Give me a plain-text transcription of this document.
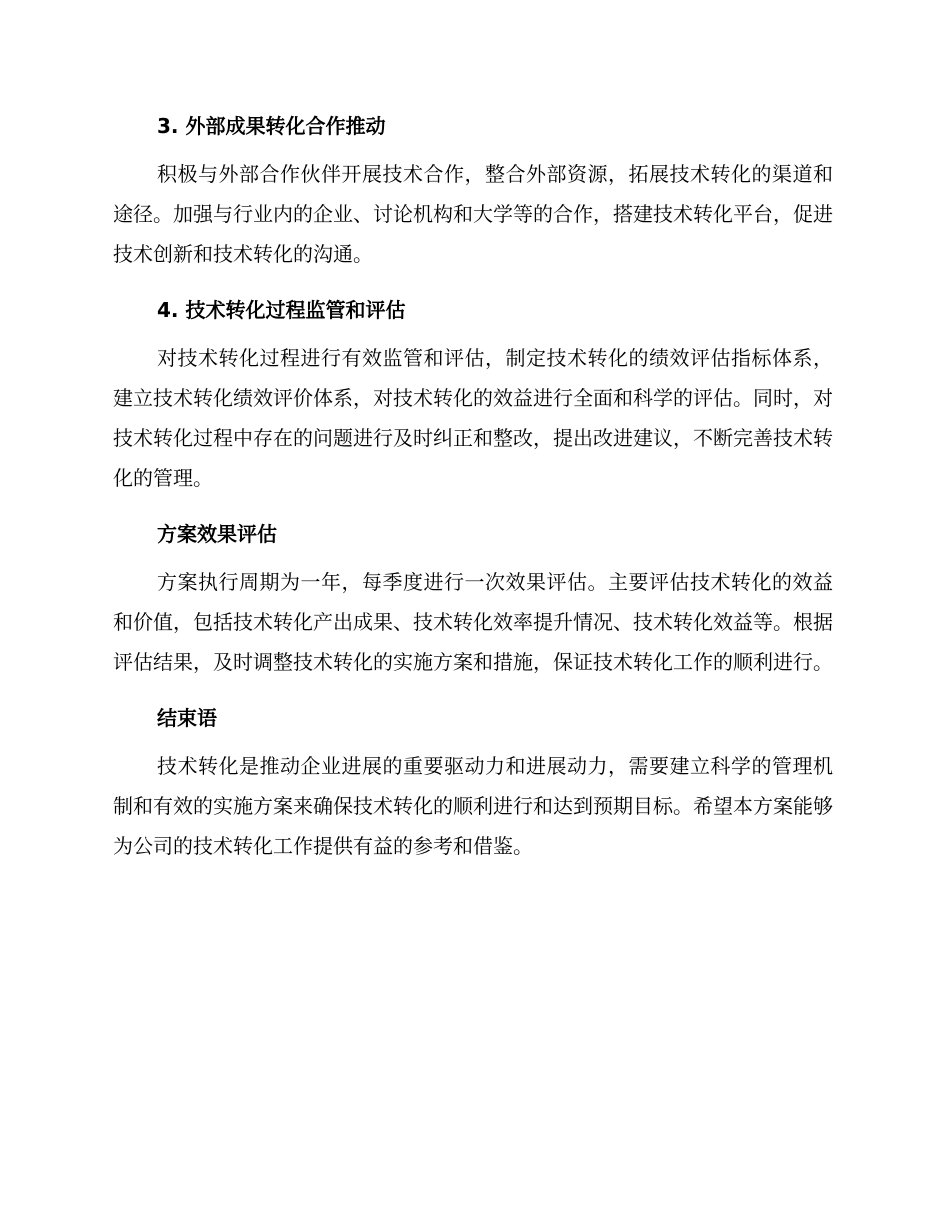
3. 外部成果转化合作推动

积极与外部合作伙伴开展技术合作，整合外部资源，拓展技术转化的渠道和途径。加强与行业内的企业、讨论机构和大学等的合作，搭建技术转化平台，促进技术创新和技术转化的沟通。

4. 技术转化过程监管和评估

对技术转化过程进行有效监管和评估，制定技术转化的绩效评估指标体系，建立技术转化绩效评价体系，对技术转化的效益进行全面和科学的评估。同时，对技术转化过程中存在的问题进行及时纠正和整改，提出改进建议，不断完善技术转化的管理。

方案效果评估

方案执行周期为一年，每季度进行一次效果评估。主要评估技术转化的效益和价值，包括技术转化产出成果、技术转化效率提升情况、技术转化效益等。根据评估结果，及时调整技术转化的实施方案和措施，保证技术转化工作的顺利进行。

结束语

技术转化是推动企业进展的重要驱动力和进展动力，需要建立科学的管理机制和有效的实施方案来确保技术转化的顺利进行和达到预期目标。希望本方案能够为公司的技术转化工作提供有益的参考和借鉴。
